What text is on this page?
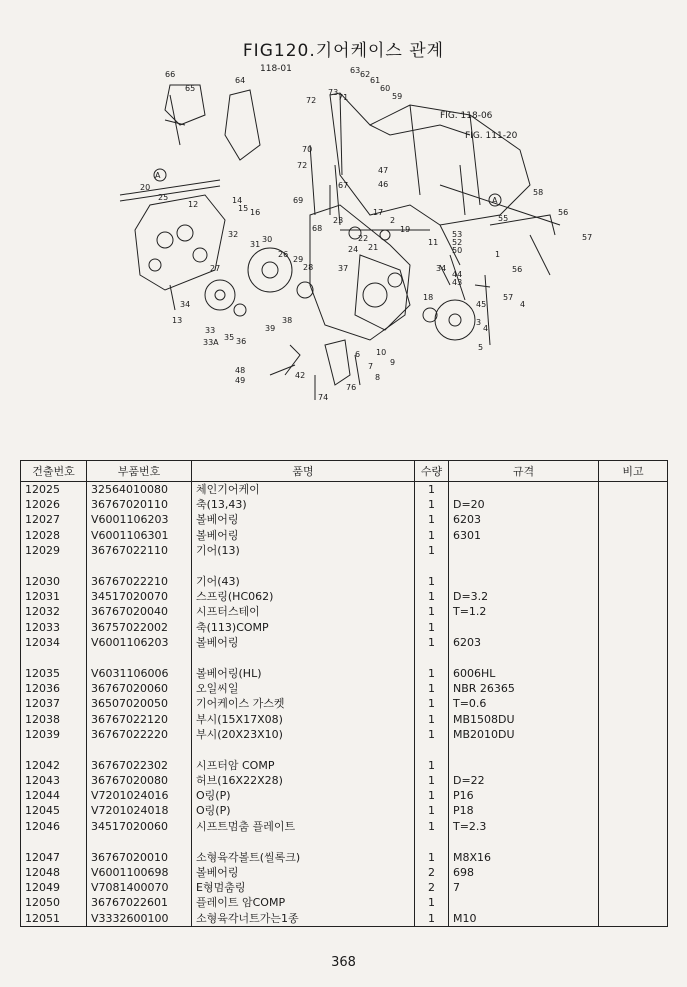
FIG120.기어케이스 관계
118-01
FIG. 118-06
FIG. 111-20
66
65
64
63 62
61
60
59
73
71
72
70
72
67
69
68
47
46
58
56
57
55
20
25
12	14
15 16
23
17
2
19
22
21
24
32
31
30
26
29
28
27	37
11
34
53
52
50
44
43
45
57
56
18
3
4
5
13
34
33
33A
35 36
39
38
6 10
9
7
8
76
48
49
42
74
1
A
A
4
건출번호	부품번호	품명	수량	규격	비고
12025	32564010080	체인기어케이	1		
12026	36767020110	축(13,43)	1	D=20	
12027	V6001106203	볼베어링	1	6203	
12028	V6001106301	볼베어링	1	6301	
12029	36767022110	기어(13)	1		

12030	36767022210	기어(43)	1		
12031	34517020070	스프링(HC062)	1	D=3.2	
12032	36767020040	시프터스테이	1	T=1.2	
12033	36757022002	축(113)COMP	1		
12034	V6001106203	볼베어링	1	6203	

12035	V6031106006	볼베어링(HL)	1	6006HL	
12036	36767020060	오일씨일	1	NBR 26365	
12037	36507020050	기어케이스 가스켓	1	T=0.6	
12038	36767022120	부시(15X17X08)	1	MB1508DU	
12039	36767022220	부시(20X23X10)	1	MB2010DU	

12042	36767022302	시프터암 COMP	1		
12043	36767020080	허브(16X22X28)	1	D=22	
12044	V7201024016	O링(P)	1	P16	
12045	V7201024018	O링(P)	1	P18	
12046	34517020060	시프트멈춤 플레이트	1	T=2.3	

12047	36767020010	소형육각볼트(씰록크)	1	M8X16	
12048	V6001100698	볼베어링	2	698	
12049	V7081400070	E형멈춤링	2	7	
12050	36767022601	플레이트 암COMP	1		
12051	V3332600100	소형육각너트가는1종	1	M10	
368
